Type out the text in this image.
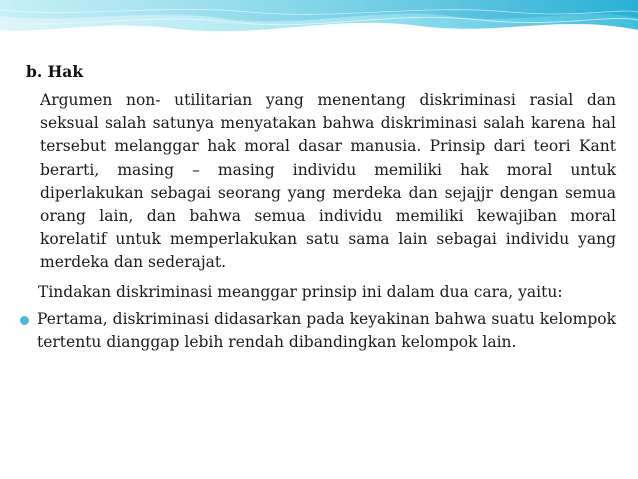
b. Hak
Argumen non- utilitarian yang menentang diskriminasi rasial dan seksual salah satunya menyatakan bahwa diskriminasi salah karena hal tersebut melanggar hak moral dasar manusia. Prinsip dari teori Kant berarti, masing – masing individu memiliki hak moral untuk diperlakukan sebagai seorang yang merdeka dan sejajjr dengan semua orang lain, dan bahwa semua individu memiliki kewajiban moral korelatif untuk memperlakukan satu sama lain sebagai individu yang merdeka dan sederajat.
Tindakan diskriminasi meanggar prinsip ini dalam dua cara, yaitu:
Pertama, diskriminasi didasarkan pada keyakinan bahwa suatu kelompok tertentu dianggap lebih rendah dibandingkan kelompok lain.
